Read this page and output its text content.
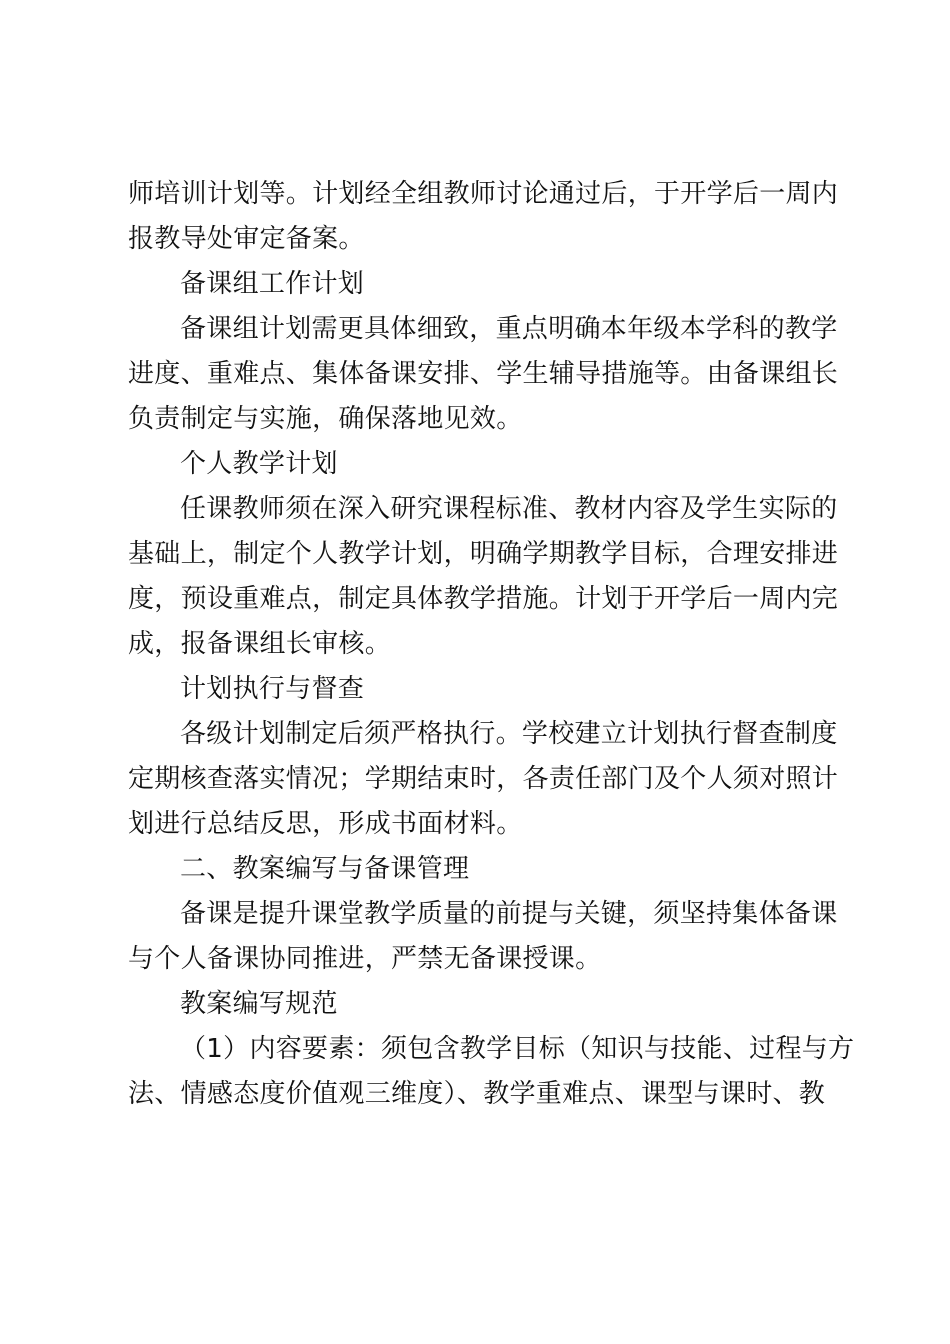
师培训计划等。计划经全组教师讨论通过后，于开学后一周内
报教导处审定备案。
备课组工作计划
备课组计划需更具体细致，重点明确本年级本学科的教学
进度、重难点、集体备课安排、学生辅导措施等。由备课组长
负责制定与实施，确保落地见效。
个人教学计划
任课教师须在深入研究课程标准、教材内容及学生实际的
基础上，制定个人教学计划，明确学期教学目标，合理安排进
度，预设重难点，制定具体教学措施。计划于开学后一周内完
成，报备课组长审核。
计划执行与督查
各级计划制定后须严格执行。学校建立计划执行督查制度
定期核查落实情况；学期结束时，各责任部门及个人须对照计
划进行总结反思，形成书面材料。
二、教案编写与备课管理
备课是提升课堂教学质量的前提与关键，须坚持集体备课
与个人备课协同推进，严禁无备课授课。
教案编写规范
（1）内容要素：须包含教学目标（知识与技能、过程与方
法、情感态度价值观三维度）、教学重难点、课型与课时、教
